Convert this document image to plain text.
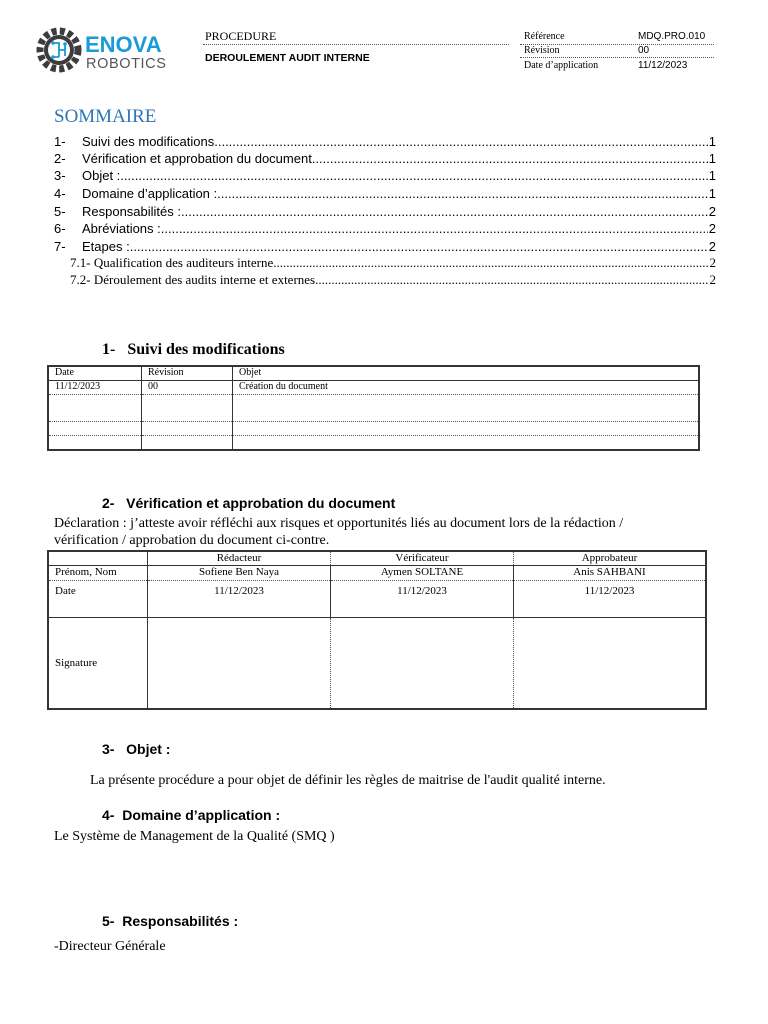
ENOVA
ROBOTICS
PROCEDURE
DEROULEMENT AUDIT INTERNE
Référence	MDQ.PRO.010
Révision	00
Date d’application	11/12/2023
SOMMAIRE
1-	Suivi des modifications .....	1
2-	Vérification et approbation du document .....	1
3-	Objet : .....	1
4-	Domaine d’application : .....	1
5-	Responsabilités : .....	2
6-	Abréviations : .....	2
7-	Etapes : .....	2
7.1- Qualification des auditeurs interne .....	2
7.2- Déroulement des audits interne et externes .....	2
1- Suivi des modifications
Date	Révision	Objet
11/12/2023	00	Création du document

2- Vérification et approbation du document
Déclaration : j’atteste avoir réfléchi aux risques et opportunités liés au document lors de la rédaction /
vérification / approbation du document ci-contre.
	Rédacteur	Vérificateur	Approbateur
Prénom, Nom	Sofiene Ben Naya	Aymen SOLTANE	Anis SAHBANI
Date	11/12/2023	11/12/2023	11/12/2023
Signature			
3- Objet :
La présente procédure a pour objet de définir les règles de maitrise de l'audit qualité interne.
4- Domaine d’application :
Le Système de Management de la Qualité (SMQ )
5- Responsabilités :
-Directeur Générale
